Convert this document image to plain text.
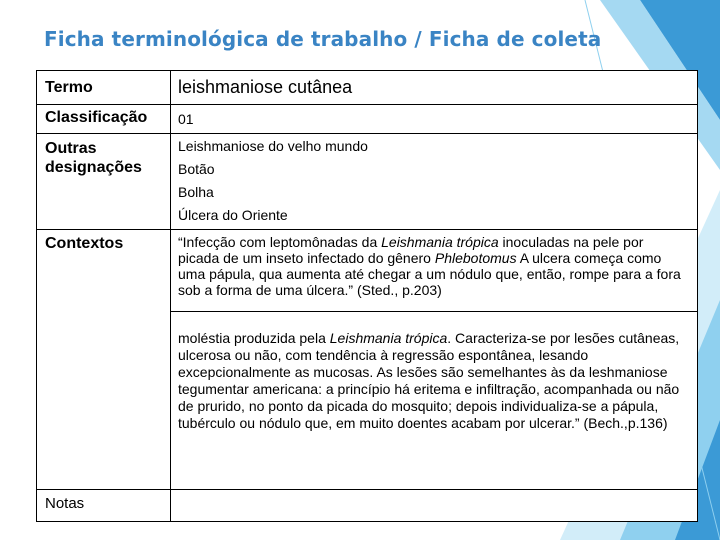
Ficha terminológica de trabalho / Ficha de coleta
Termo	leishmaniose cutânea
Classificação 01
Outras
designações
Leishmaniose do velho mundo
Botão
Bolha
Úlcera do Oriente
Contextos	“Infecção com leptomônadas da Leishmania trópica inoculadas na pele por picada de um inseto infectado do gênero Phlebotomus A ulcera começa como uma pápula, qua aumenta até chegar a um nódulo que, então, rompe para a fora sob a forma de uma úlcera.” (Sted., p.203)
moléstia produzida pela Leishmania trópica. Caracteriza-se por lesões cutâneas, ulcerosa ou não, com tendência à regressão espontânea, lesando excepcionalmente as mucosas. As lesões são semelhantes às da leshmaniose tegumentar americana: a princípio há eritema e infiltração, acompanhada ou não de prurido, no ponto da picada do mosquito; depois individualiza-se a pápula, tubérculo ou nódulo que, em muito doentes acabam por ulcerar.” (Bech.,p.136)
Notas
